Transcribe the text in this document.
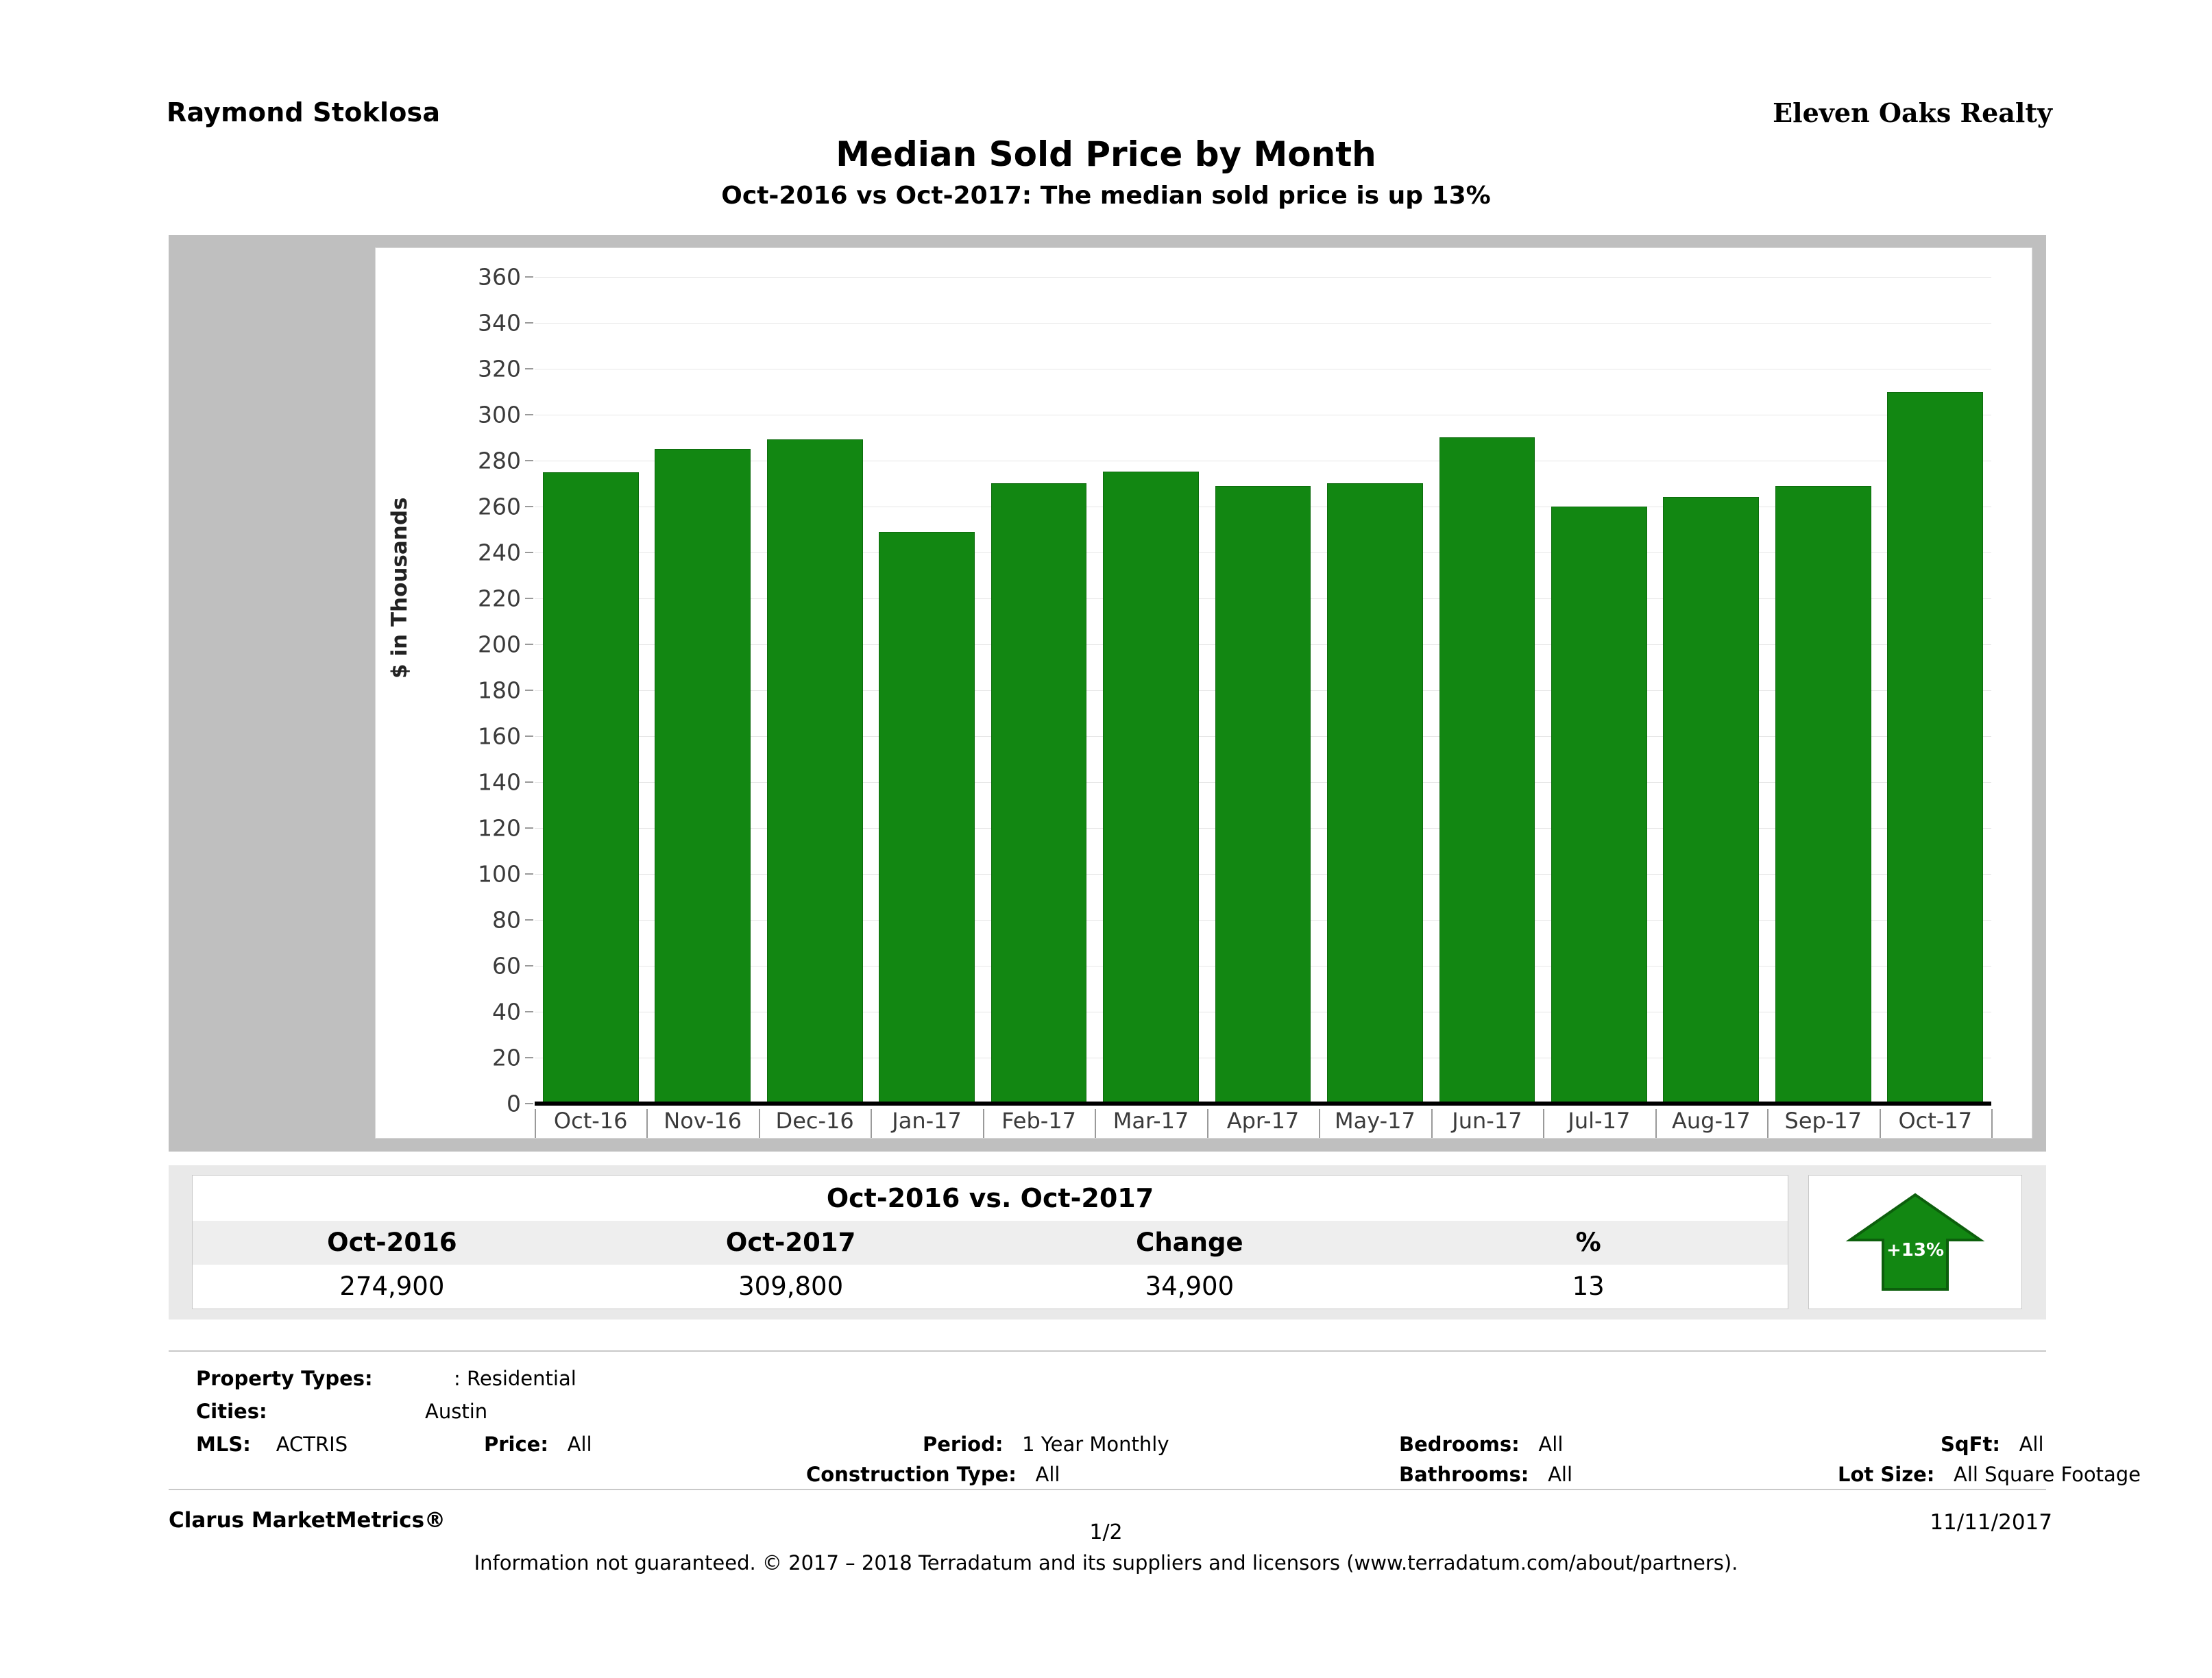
Raymond Stoklosa	Eleven Oaks Realty
Median Sold Price by Month
Oct-2016 vs Oct-2017: The median sold price is up 13%
$ in Thousands
0
20
40
60
80
100
120
140
160
180
200
220
240
260
280
300
320
340
360
Oct-16	Nov-16	Dec-16	Jan-17	Feb-17	Mar-17	Apr-17	May-17	Jun-17	Jul-17	Aug-17	Sep-17	Oct-17
Oct-2016 vs. Oct-2017
Oct-2016	Oct-2017	Change	%
274,900	309,800	34,900	13
+13%
Property Types:	: Residential
Cities:	Austin
MLS: ACTRIS	Price: All	Period: 1 Year Monthly	Bedrooms: All	SqFt: All
Construction Type: All	Bathrooms: All	Lot Size: All Square Footage
Clarus MarketMetrics®	11/11/2017
1/2
Information not guaranteed. © 2017 – 2018 Terradatum and its suppliers and licensors (www.terradatum.com/about/partners).
